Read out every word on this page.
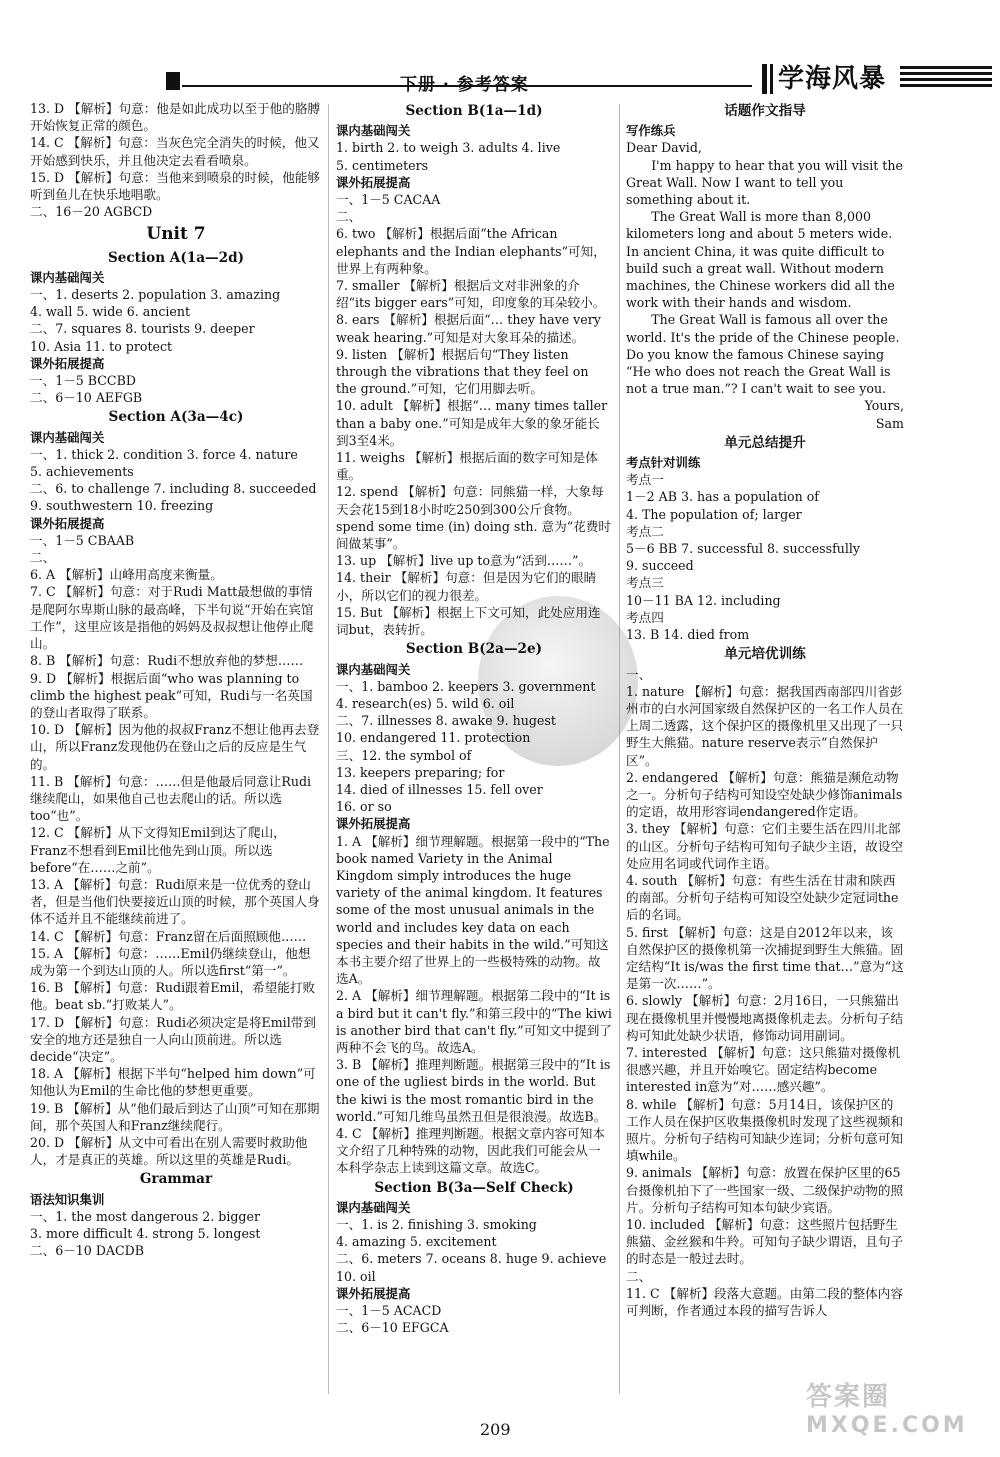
下册 · 参考答案	学海风暴
13. D 【解析】句意：他是如此成功以至于他的胳膊开始恢复正常的颜色。
14. C 【解析】句意：当灰色完全消失的时候，他又开始感到快乐，并且他决定去看看喷泉。
15. D 【解析】句意：当他来到喷泉的时候，他能够听到鱼儿在快乐地唱歌。
二、16－20 AGBCD
Unit 7
Section A(1a—2d)
课内基础闯关
一、1. deserts 2. population 3. amazing
4. wall 5. wide 6. ancient
二、7. squares 8. tourists 9. deeper
10. Asia 11. to protect
课外拓展提高
一、1－5 BCCBD
二、6－10 AEFGB
Section A(3a—4c)
课内基础闯关
一、1. thick 2. condition 3. force 4. nature
5. achievements
二、6. to challenge 7. including 8. succeeded
9. southwestern 10. freezing
课外拓展提高
一、1－5 CBAAB
二、
6. A 【解析】山峰用高度来衡量。
7. C 【解析】句意：对于Rudi Matt最想做的事情是爬阿尔卑斯山脉的最高峰，下半句说“开始在宾馆工作”，这里应该是指他的妈妈及叔叔想让他停止爬山。
8. B 【解析】句意：Rudi不想放弃他的梦想……
9. D 【解析】根据后面“who was planning to climb the highest peak”可知，Rudi与一名英国的登山者取得了联系。
10. D 【解析】因为他的叔叔Franz不想让他再去登山，所以Franz发现他仍在登山之后的反应是生气的。
11. B 【解析】句意：……但是他最后同意让Rudi继续爬山，如果他自己也去爬山的话。所以选too“也”。
12. C 【解析】从下文得知Emil到达了爬山，Franz不想看到Emil比他先到山顶。所以选before“在……之前”。
13. A 【解析】句意：Rudi原来是一位优秀的登山者，但是当他们快要接近山顶的时候，那个英国人身体不适并且不能继续前进了。
14. C 【解析】句意：Franz留在后面照顾他……
15. A 【解析】句意：……Emil仍继续登山，他想成为第一个到达山顶的人。所以选first“第一”。
16. B 【解析】句意：Rudi跟着Emil，希望能打败他。beat sb.“打败某人”。
17. D 【解析】句意：Rudi必须决定是将Emil带到安全的地方还是独自一人向山顶前进。所以选decide“决定”。
18. A 【解析】根据下半句“helped him down”可知他认为Emil的生命比他的梦想更重要。
19. B 【解析】从“他们最后到达了山顶”可知在那期间，那个英国人和Franz继续爬行。
20. D 【解析】从文中可看出在别人需要时救助他人，才是真正的英雄。所以这里的英雄是Rudi。
Grammar
语法知识集训
一、1. the most dangerous 2. bigger
3. more difficult 4. strong 5. longest
二、6－10 DACDB
Section B(1a—1d)
课内基础闯关
1. birth 2. to weigh 3. adults 4. live
5. centimeters
课外拓展提高
一、1－5 CACAA
二、
6. two 【解析】根据后面“the African elephants and the Indian elephants”可知，世界上有两种象。
7. smaller 【解析】根据后文对非洲象的介绍“its bigger ears”可知，印度象的耳朵较小。
8. ears 【解析】根据后面“… they have very weak hearing.”可知是对大象耳朵的描述。
9. listen 【解析】根据后句“They listen through the vibrations that they feel on the ground.”可知，它们用脚去听。
10. adult 【解析】根据“… many times taller than a baby one.”可知是成年大象的象牙能长到3至4米。
11. weighs 【解析】根据后面的数字可知是体重。
12. spend 【解析】句意：同熊猫一样，大象每天会花15到18小时吃250到300公斤食物。spend some time (in) doing sth. 意为“花费时间做某事”。
13. up 【解析】live up to意为“活到……”。
14. their 【解析】句意：但是因为它们的眼睛小，所以它们的视力很差。
15. But 【解析】根据上下文可知，此处应用连词but，表转折。
Section B(2a—2e)
课内基础闯关
一、1. bamboo 2. keepers 3. government
4. research(es) 5. wild 6. oil
二、7. illnesses 8. awake 9. hugest
10. endangered 11. protection
三、12. the symbol of
13. keepers preparing; for
14. died of illnesses 15. fell over
16. or so
课外拓展提高
1. A 【解析】细节理解题。根据第一段中的“The book named Variety in the Animal Kingdom simply introduces the huge variety of the animal kingdom. It features some of the most unusual animals in the world and includes key data on each species and their habits in the wild.”可知这本书主要介绍了世界上的一些极特殊的动物。故选A。
2. A 【解析】细节理解题。根据第二段中的“It is a bird but it can't fly.”和第三段中的“The kiwi is another bird that can't fly.”可知文中提到了两种不会飞的鸟。故选A。
3. B 【解析】推理判断题。根据第三段中的“It is one of the ugliest birds in the world. But the kiwi is the most romantic bird in the world.”可知几维鸟虽然丑但是很浪漫。故选B。
4. C 【解析】推理判断题。根据文章内容可知本文介绍了几种特殊的动物，因此我们可能会从一本科学杂志上读到这篇文章。故选C。
Section B(3a—Self Check)
课内基础闯关
一、1. is 2. finishing 3. smoking
4. amazing 5. excitement
二、6. meters 7. oceans 8. huge 9. achieve
10. oil
课外拓展提高
一、1－5 ACACD
二、6－10 EFGCA
话题作文指导
写作练兵
Dear David,
I'm happy to hear that you will visit the Great Wall. Now I want to tell you something about it.
The Great Wall is more than 8,000 kilometers long and about 5 meters wide. In ancient China, it was quite difficult to build such a great wall. Without modern machines, the Chinese workers did all the work with their hands and wisdom.
The Great Wall is famous all over the world. It's the pride of the Chinese people. Do you know the famous Chinese saying “He who does not reach the Great Wall is not a true man.”? I can't wait to see you.
Yours,
Sam
单元总结提升
考点针对训练
考点一
1－2 AB 3. has a population of
4. The population of; larger
考点二
5－6 BB 7. successful 8. successfully
9. succeed
考点三
10－11 BA 12. including
考点四
13. B 14. died from
单元培优训练
一、
1. nature 【解析】句意：据我国西南部四川省彭州市的白水河国家级自然保护区的一名工作人员在上周二透露，这个保护区的摄像机里又出现了一只野生大熊猫。nature reserve表示“自然保护区”。
2. endangered 【解析】句意：熊猫是濒危动物之一。分析句子结构可知设空处缺少修饰animals的定语，故用形容词endangered作定语。
3. they 【解析】句意：它们主要生活在四川北部的山区。分析句子结构可知句子缺少主语，故设空处应用名词或代词作主语。
4. south 【解析】句意：有些生活在甘肃和陕西的南部。分析句子结构可知设空处缺少定冠词the后的名词。
5. first 【解析】句意：这是自2012年以来，该自然保护区的摄像机第一次捕捉到野生大熊猫。固定结构“It is/was the first time that…”意为“这是第一次……”。
6. slowly 【解析】句意：2月16日，一只熊猫出现在摄像机里并慢慢地离摄像机走去。分析句子结构可知此处缺少状语，修饰动词用副词。
7. interested 【解析】句意：这只熊猫对摄像机很感兴趣，并且开始嗅它。固定结构become interested in意为“对……感兴趣”。
8. while 【解析】句意：5月14日，该保护区的工作人员在保护区收集摄像机时发现了这些视频和照片。分析句子结构可知缺少连词；分析句意可知填while。
9. animals 【解析】句意：放置在保护区里的65台摄像机拍下了一些国家一级、二级保护动物的照片。分析句子结构可知本句缺少宾语。
10. included 【解析】句意：这些照片包括野生熊猫、金丝猴和牛羚。可知句子缺少谓语，且句子的时态是一般过去时。
二、
11. C 【解析】段落大意题。由第二段的整体内容可判断，作者通过本段的描写告诉人
209
答案圈
MXQE.COM
